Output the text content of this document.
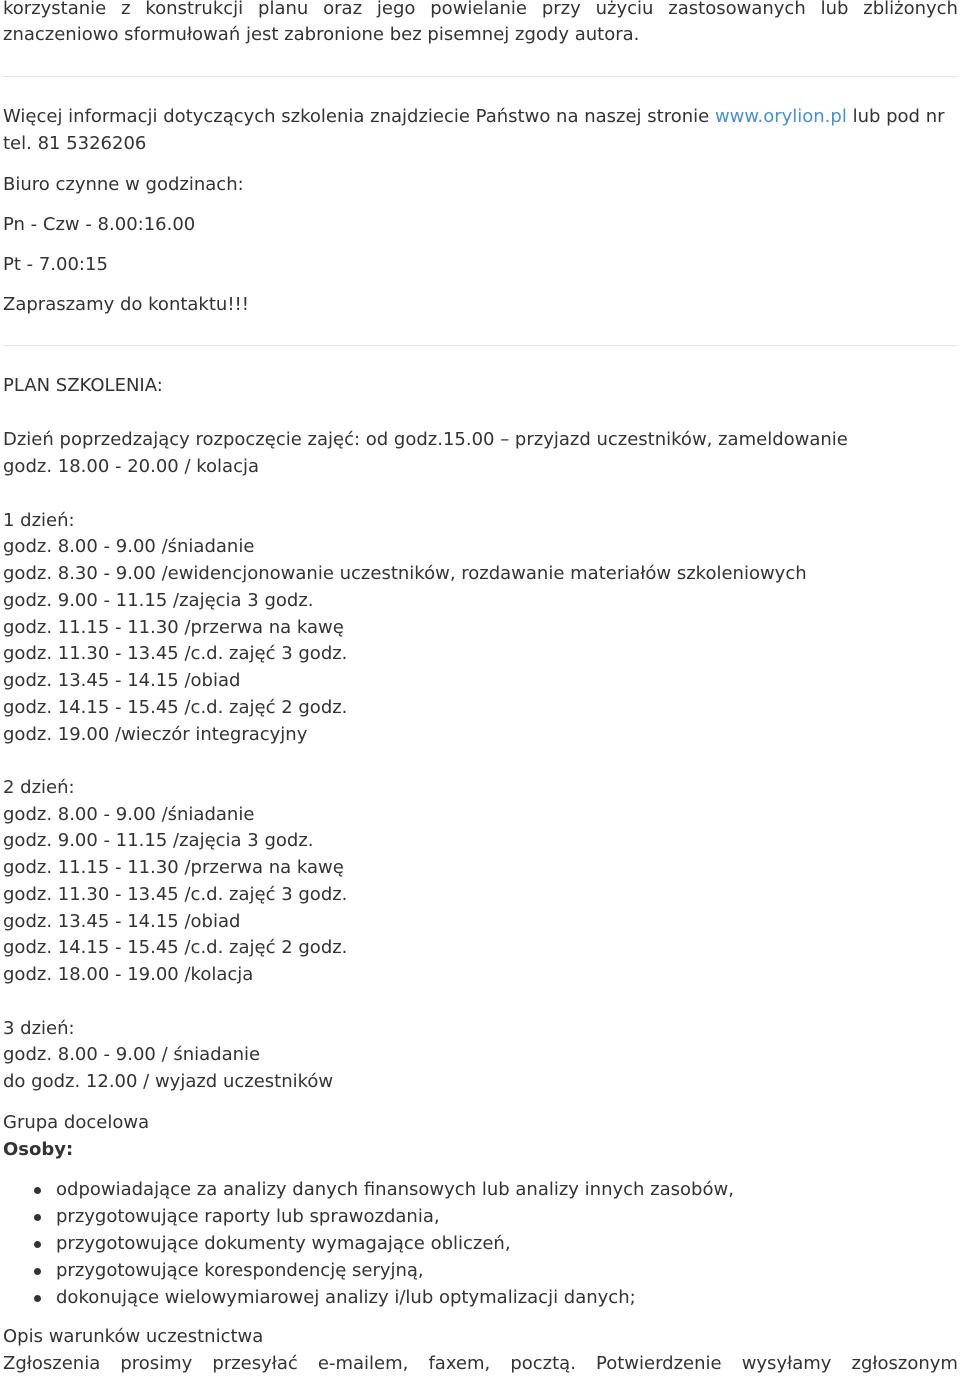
korzystanie z konstrukcji planu oraz jego powielanie przy użyciu zastosowanych lub zbliżonych
znaczeniowo sformułowań jest zabronione bez pisemnej zgody autora.
Więcej informacji dotyczących szkolenia znajdziecie Państwo na naszej stronie www.orylion.pl lub pod nr
tel. 81 5326206
Biuro czynne w godzinach:
Pn - Czw - 8.00:16.00
Pt - 7.00:15
Zapraszamy do kontaktu!!!
PLAN SZKOLENIA:
Dzień poprzedzający rozpoczęcie zajęć: od godz.15.00 – przyjazd uczestników, zameldowanie
godz. 18.00 - 20.00 / kolacja
1 dzień:
godz. 8.00 - 9.00 /śniadanie
godz. 8.30 - 9.00 /ewidencjonowanie uczestników, rozdawanie materiałów szkoleniowych
godz. 9.00 - 11.15 /zajęcia 3 godz.
godz. 11.15 - 11.30 /przerwa na kawę
godz. 11.30 - 13.45 /c.d. zajęć 3 godz.
godz. 13.45 - 14.15 /obiad
godz. 14.15 - 15.45 /c.d. zajęć 2 godz.
godz. 19.00 /wieczór integracyjny
2 dzień:
godz. 8.00 - 9.00 /śniadanie
godz. 9.00 - 11.15 /zajęcia 3 godz.
godz. 11.15 - 11.30 /przerwa na kawę
godz. 11.30 - 13.45 /c.d. zajęć 3 godz.
godz. 13.45 - 14.15 /obiad
godz. 14.15 - 15.45 /c.d. zajęć 2 godz.
godz. 18.00 - 19.00 /kolacja
3 dzień:
godz. 8.00 - 9.00 / śniadanie
do godz. 12.00 / wyjazd uczestników
Grupa docelowa
Osoby:
odpowiadające za analizy danych finansowych lub analizy innych zasobów,
przygotowujące raporty lub sprawozdania,
przygotowujące dokumenty wymagające obliczeń,
przygotowujące korespondencję seryjną,
dokonujące wielowymiarowej analizy i/lub optymalizacji danych;
Opis warunków uczestnictwa
Zgłoszenia prosimy przesyłać e-mailem, faxem, pocztą. Potwierdzenie wysyłamy zgłoszonym
